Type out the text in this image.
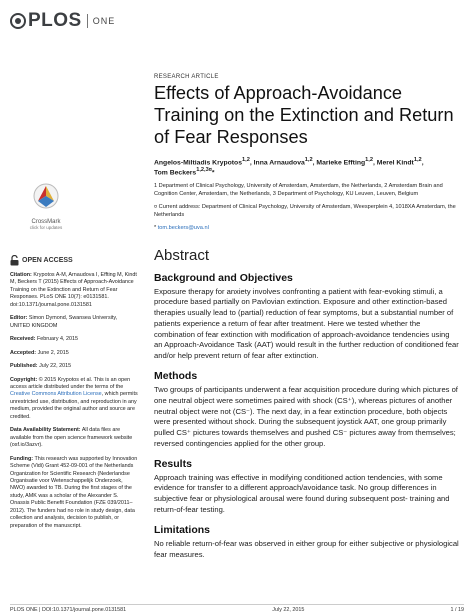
PLOS ONE
CrossMark
click for updates
OPEN ACCESS

Citation: Krypotos A-M, Arnaudova I, Effting M, Kindt M, Beckers T (2015) Effects of Approach-Avoidance Training on the Extinction and Return of Fear Responses. PLoS ONE 10(7): e0131581. doi:10.1371/journal.pone.0131581

Editor: Simon Dymond, Swansea University, UNITED KINGDOM

Received: February 4, 2015

Accepted: June 2, 2015

Published: July 22, 2015

Copyright: © 2015 Krypotos et al. This is an open access article distributed under the terms of the Creative Commons Attribution License, which permits unrestricted use, distribution, and reproduction in any medium, provided the original author and source are credited.

Data Availability Statement: All data files are available from the open science framework website (osf.io/3azvr).

Funding: This research was supported by Innovation Scheme (Vidi) Grant 452-09-001 of the Netherlands Organization for Scientific Research (Nederlandse Organisatie voor Wetenschappelijk Onderzoek, NWO) awarded to TB. During the first stages of the study, AMK was a scholar of the Alexander S. Onassis Public Benefit Foundation (FZE 039/2011–2012). The funders had no role in study design, data collection and analysis, decision to publish, or preparation of the manuscript.

RESEARCH ARTICLE
Effects of Approach-Avoidance Training on the Extinction and Return of Fear Responses
Angelos-Miltiadis Krypotos$^{1,2}$, Inna Arnaudova$^{1,2}$, Marieke Effting$^{1,2}$, Merel Kindt$^{1,2}$,
Tom Beckers$^{1,2,3¤}$*
1 Department of Clinical Psychology, University of Amsterdam, Amsterdam, the Netherlands, 2 Amsterdam Brain and Cognition Center, Amsterdam, the Netherlands, 3 Department of Psychology, KU Leuven, Leuven, Belgium
¤ Current address: Department of Clinical Psychology, University of Amsterdam, Weesperplein 4, 1018XA Amsterdam, the Netherlands
* tom.beckers@uva.nl
Abstract
Background and Objectives
Exposure therapy for anxiety involves confronting a patient with fear-evoking stimuli, a procedure based partially on Pavlovian extinction. Exposure and other extinction-based therapies usually lead to (partial) reduction of fear symptoms, but a substantial number of patients experience a return of fear after treatment. Here we tested whether the combination of fear extinction with modification of approach-avoidance tendencies using an Approach-Avoidance Task (AAT) would result in the further reduction of conditioned fear and/or help prevent return of fear after extinction.
Methods
Two groups of participants underwent a fear acquisition procedure during which pictures of one neutral object were sometimes paired with shock (CS⁺), whereas pictures of another neutral object were not (CS⁻). The next day, in a fear extinction procedure, both objects were presented without shock. During the subsequent joystick AAT, one group primarily pulled CS⁺ pictures towards themselves and pushed CS⁻ pictures away from themselves; reversed contingencies applied for the other group.
Results
Approach training was effective in modifying conditioned action tendencies, with some evidence for transfer to a different approach/avoidance task. No group differences in subjective fear or physiological arousal were found during subsequent post- training and return-of-fear testing.
Limitations
No reliable return-of-fear was observed in either group for either subjective or physiological fear measures.
PLOS ONE | DOI:10.1371/journal.pone.0131581	July 22, 2015	1 / 19
